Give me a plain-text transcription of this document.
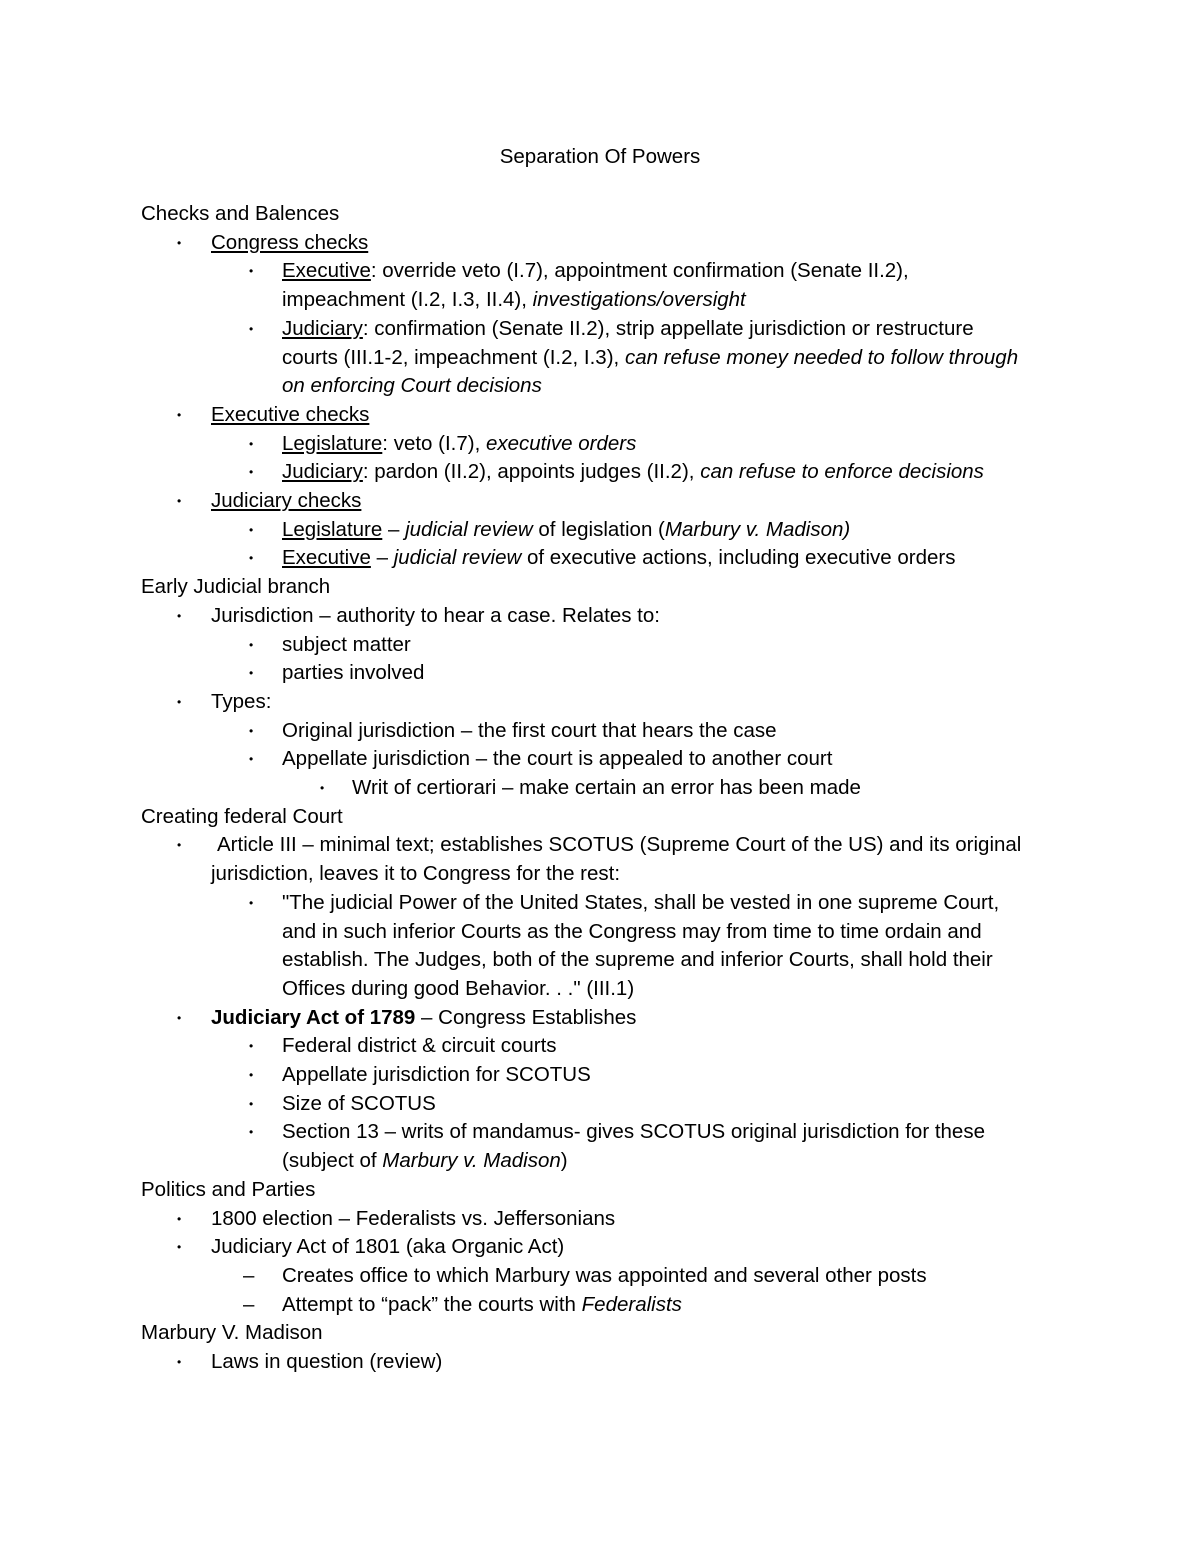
Separation Of Powers
Checks and Balences
• Congress checks
• Executive: override veto (I.7), appointment confirmation (Senate II.2),
impeachment (I.2, I.3, II.4), investigations/oversight
• Judiciary: confirmation (Senate II.2), strip appellate jurisdiction or restructure
courts (III.1-2, impeachment (I.2, I.3), can refuse money needed to follow through
on enforcing Court decisions
• Executive checks
• Legislature: veto (I.7), executive orders
• Judiciary: pardon (II.2), appoints judges (II.2), can refuse to enforce decisions
• Judiciary checks
• Legislature – judicial review of legislation (Marbury v. Madison)
• Executive – judicial review of executive actions, including executive orders
Early Judicial branch
• Jurisdiction – authority to hear a case. Relates to:
• subject matter
• parties involved
• Types:
• Original jurisdiction – the first court that hears the case
• Appellate jurisdiction – the court is appealed to another court
• Writ of certiorari – make certain an error has been made
Creating federal Court
• Article III – minimal text; establishes SCOTUS (Supreme Court of the US) and its original
jurisdiction, leaves it to Congress for the rest:
• "The judicial Power of the United States, shall be vested in one supreme Court,
and in such inferior Courts as the Congress may from time to time ordain and
establish. The Judges, both of the supreme and inferior Courts, shall hold their
Offices during good Behavior. . ." (III.1)
• Judiciary Act of 1789 – Congress Establishes
• Federal district & circuit courts
• Appellate jurisdiction for SCOTUS
• Size of SCOTUS
• Section 13 – writs of mandamus- gives SCOTUS original jurisdiction for these
(subject of Marbury v. Madison)
Politics and Parties
• 1800 election – Federalists vs. Jeffersonians
• Judiciary Act of 1801 (aka Organic Act)
– Creates office to which Marbury was appointed and several other posts
– Attempt to “pack” the courts with Federalists
Marbury V. Madison
• Laws in question (review)
